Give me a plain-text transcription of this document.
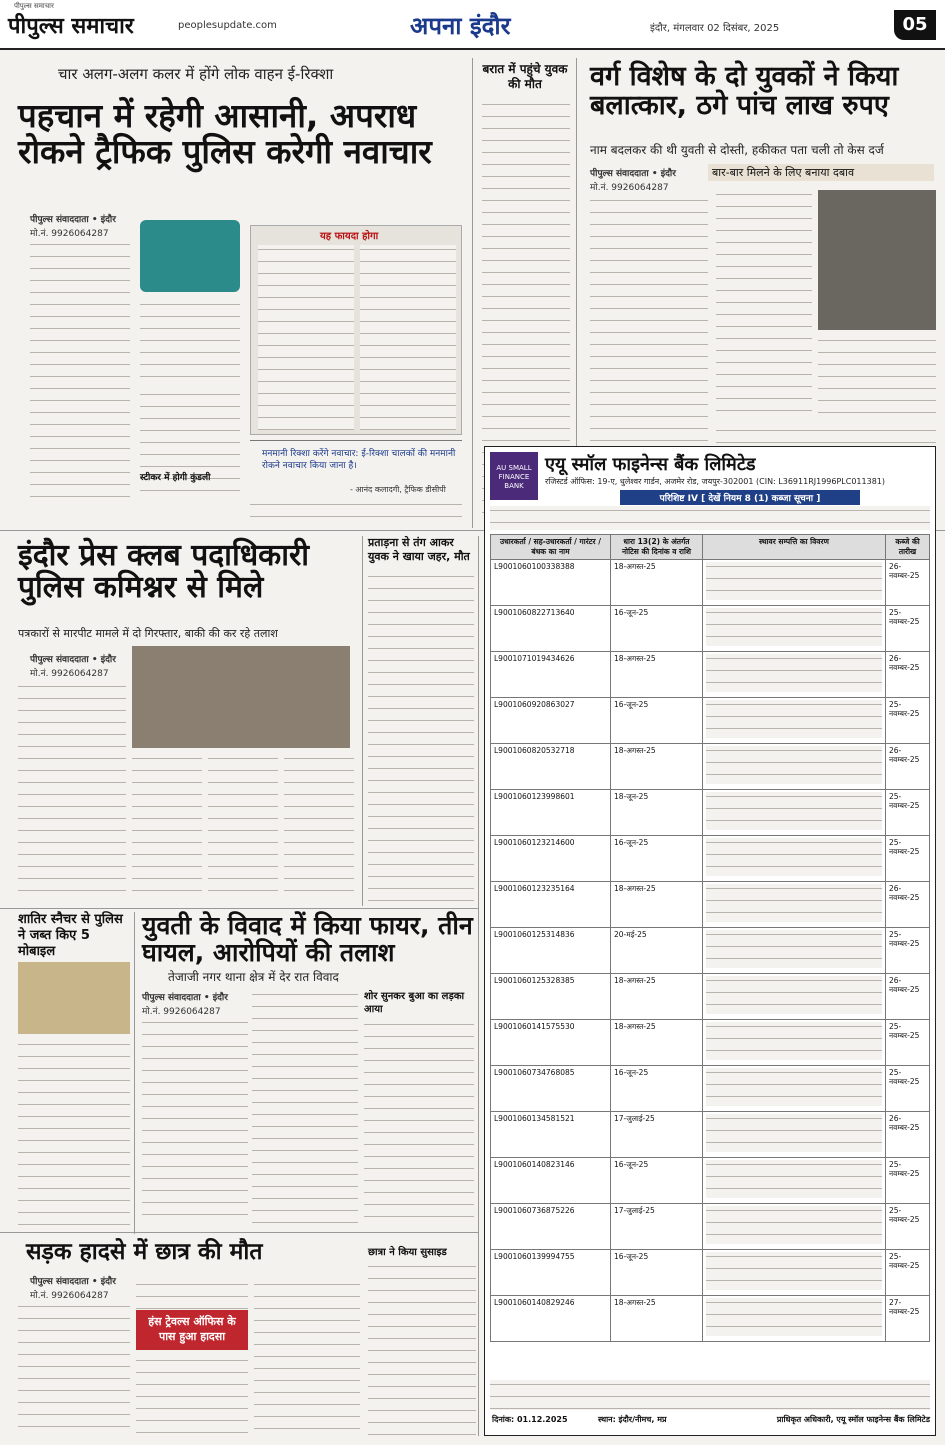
पीपुल्स समाचार
पीपुल्स समाचार	peoplesupdate.com	अपना इंदौर	इंदौर, मंगलवार 02 दिसंबर, 2025	05
चार अलग-अलग कलर में होंगे लोक वाहन ई-रिक्शा
पहचान में रहेगी आसानी, अपराध रोकने ट्रैफिक पुलिस करेगी नवाचार
पीपुल्स संवाददाता • इंदौर
मो.नं. 9926064287	यह फायदा होगा
मनमानी रिक्शा करेंगे नवाचार: ई-रिक्शा चालकों की मनमानी रोकने नवाचार किया जाना है।
- आनंद कलादगी, ट्रैफिक डीसीपी
स्टीकर में होगी कुंडली
बरात में पहुंचे युवक की मौत	वर्ग विशेष के दो युवकों ने किया बलात्कार, ठगे पांच लाख रुपए
नाम बदलकर की थी युवती से दोस्ती, हकीकत पता चली तो केस दर्ज
बार-बार मिलने के लिए बनाया दबाव
पीपुल्स संवाददाता • इंदौर
मो.नं. 9926064287
इंदौर प्रेस क्लब पदाधिकारी पुलिस कमिश्नर से मिले
पत्रकारों से मारपीट मामले में दो गिरफ्तार, बाकी की कर रहे तलाश
पीपुल्स संवाददाता • इंदौर
मो.नं. 9926064287
प्रताड़ना से तंग आकर युवक ने खाया जहर, मौत
शातिर स्नैचर से पुलिस ने जब्त किए 5 मोबाइल
युवती के विवाद में किया फायर, तीन घायल, आरोपियों की तलाश
तेजाजी नगर थाना क्षेत्र में देर रात विवाद
पीपुल्स संवाददाता • इंदौर
मो.नं. 9926064287
शोर सुनकर बुआ का लड़का आया
सड़क हादसे में छात्र की मौत
पीपुल्स संवाददाता • इंदौर
मो.नं. 9926064287
हंस ट्रेवल्स ऑफिस के पास हुआ हादसा
छात्रा ने किया सुसाइड
AU SMALL FINANCE BANK
एयू स्मॉल फाइनेन्स बैंक लिमिटेड
रजिस्टर्ड ऑफिस: 19-ए, धुलेश्वर गार्डन, अजमेर रोड, जयपुर-302001 (CIN: L36911RJ1996PLC011381)
परिशिष्ट IV [ देखें नियम 8 (1) कब्जा सूचना ]
उधारकर्ता / सह-उधारकर्ता / गारंटर / बंधक का नाम	धारा 13(2) के अंतर्गत नोटिस की दिनांक व राशि	स्थावर सम्पत्ति का विवरण	कब्जे की तारीख
L9001060100338388	18-अगस्त-25		26-नवम्बर-25
L9001060822713640	16-जून-25		25-नवम्बर-25
L9001071019434626	18-अगस्त-25		26-नवम्बर-25
L9001060920863027	16-जून-25		25-नवम्बर-25
L9001060820532718	18-अगस्त-25		26-नवम्बर-25
L9001060123998601	18-जून-25		25-नवम्बर-25
L9001060123214600	16-जून-25		25-नवम्बर-25
L9001060123235164	18-अगस्त-25		26-नवम्बर-25
L9001060125314836	20-मई-25		25-नवम्बर-25
L9001060125328385	18-अगस्त-25		26-नवम्बर-25
L9001060141575530	18-अगस्त-25		25-नवम्बर-25
L9001060734768085	16-जून-25		25-नवम्बर-25
L9001060134581521	17-जुलाई-25		26-नवम्बर-25
L9001060140823146	16-जून-25		25-नवम्बर-25
L9001060736875226	17-जुलाई-25		25-नवम्बर-25
L9001060139994755	16-जून-25		25-नवम्बर-25
L9001060140829246	18-अगस्त-25		27-नवम्बर-25
दिनांक: 01.12.2025	स्थान: इंदौर/नीमच, मप्र	प्राधिकृत अधिकारी, एयू स्मॉल फाइनेन्स बैंक लिमिटेड
